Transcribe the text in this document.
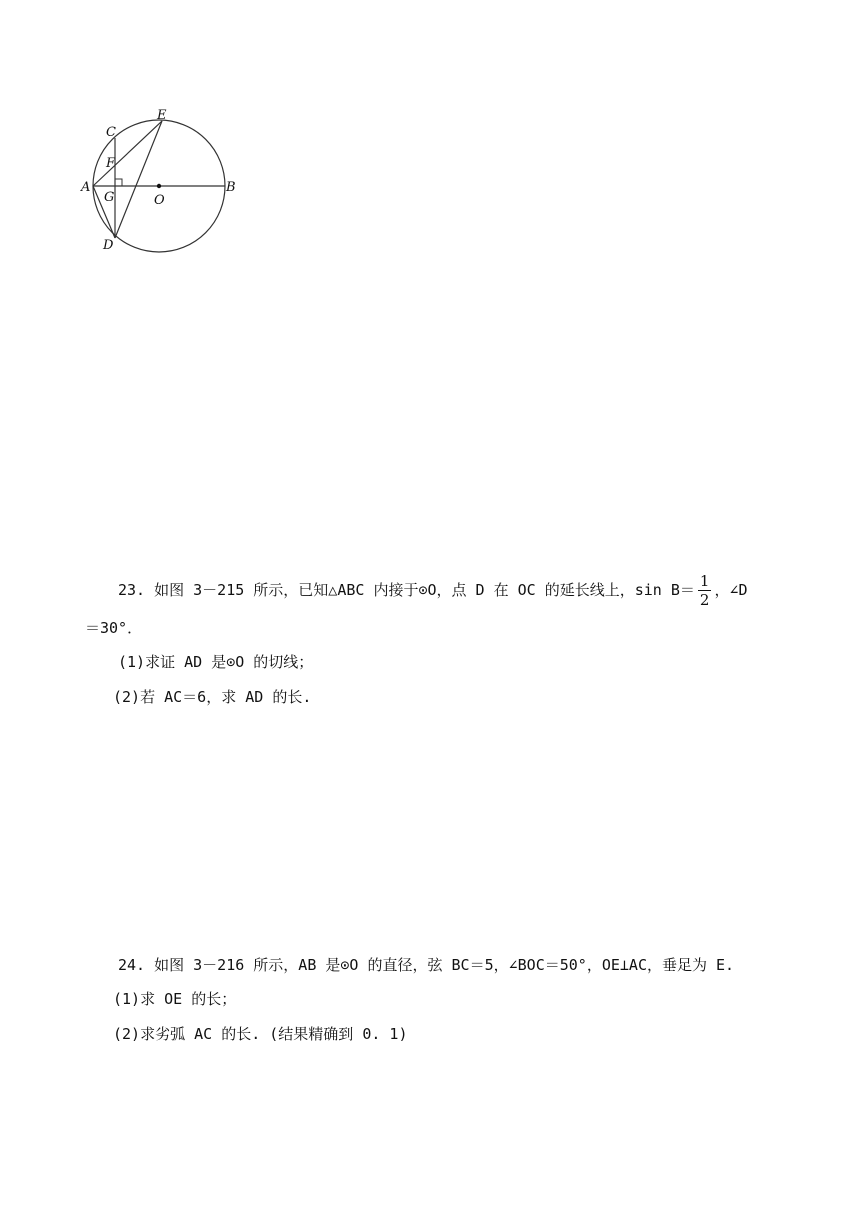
C
E
F
A
G	O
B
D
23. 如图 3－215 所示，已知△ABC 内接于⊙O，点 D 在 OC 的延长线上，$\sin B= \frac{1}{2}$ ，∠D
＝30°．
(1)求证 AD 是⊙O 的切线；
(2)若 AC＝6，求 AD 的长.
24. 如图 3－216 所示，AB 是⊙O 的直径，弦 BC＝5，∠BOC＝50°，OE⊥AC，垂足为 E.
(1)求 OE 的长；
(2)求劣弧 AC 的长. (结果精确到 0. 1)
